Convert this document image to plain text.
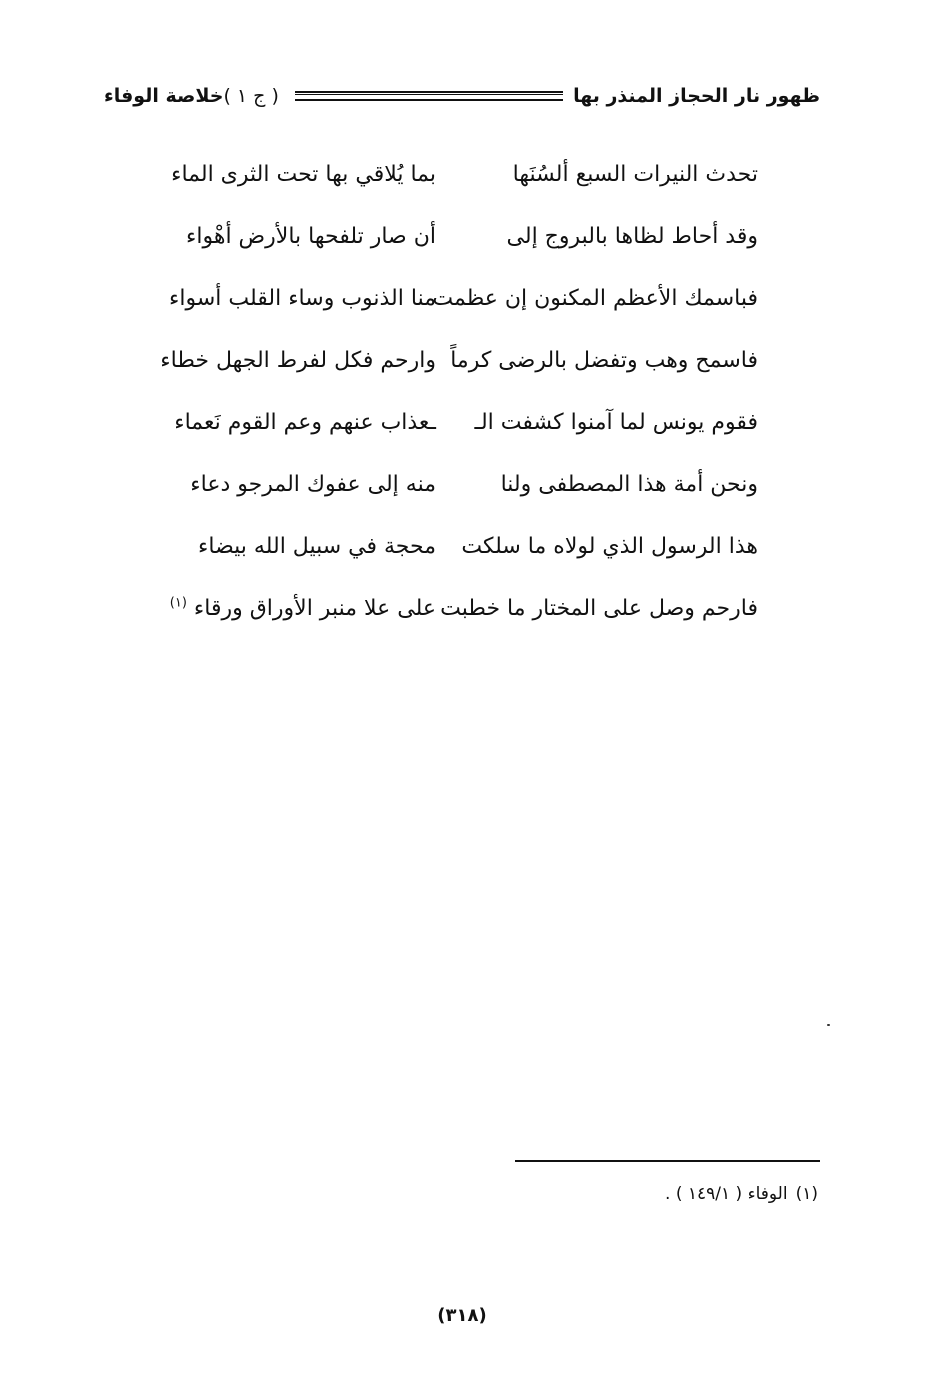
خلاصة الوفاء ( ج ١ )	ظهور نار الحجاز المنذر بها
تحدث النيرات السبع ألسُنَها
بما يُلاقي بها تحت الثرى الماء
وقد أحاط لظاها بالبروج إلى
أن صار تلفحها بالأرض أهْواء
فباسمك الأعظم المكنون إن عظمت
منا الذنوب وساء القلب أسواء
فاسمح وهب وتفضل بالرضى كرماً
وارحم فكل لفرط الجهل خطاء
فقوم يونس لما آمنوا كشفت الـ
ـعذاب عنهم وعم القوم نَعماء
ونحن أمة هذا المصطفى ولنا
منه إلى عفوك المرجو دعاء
هذا الرسول الذي لولاه ما سلكت
محجة في سبيل الله بيضاء
فارحم وصل على المختار ما خطبت
على علا منبر الأوراق ورقاء $^{(١)}$
(١)الوفاء ( ١٤٩/١ ) .
(٣١٨)
